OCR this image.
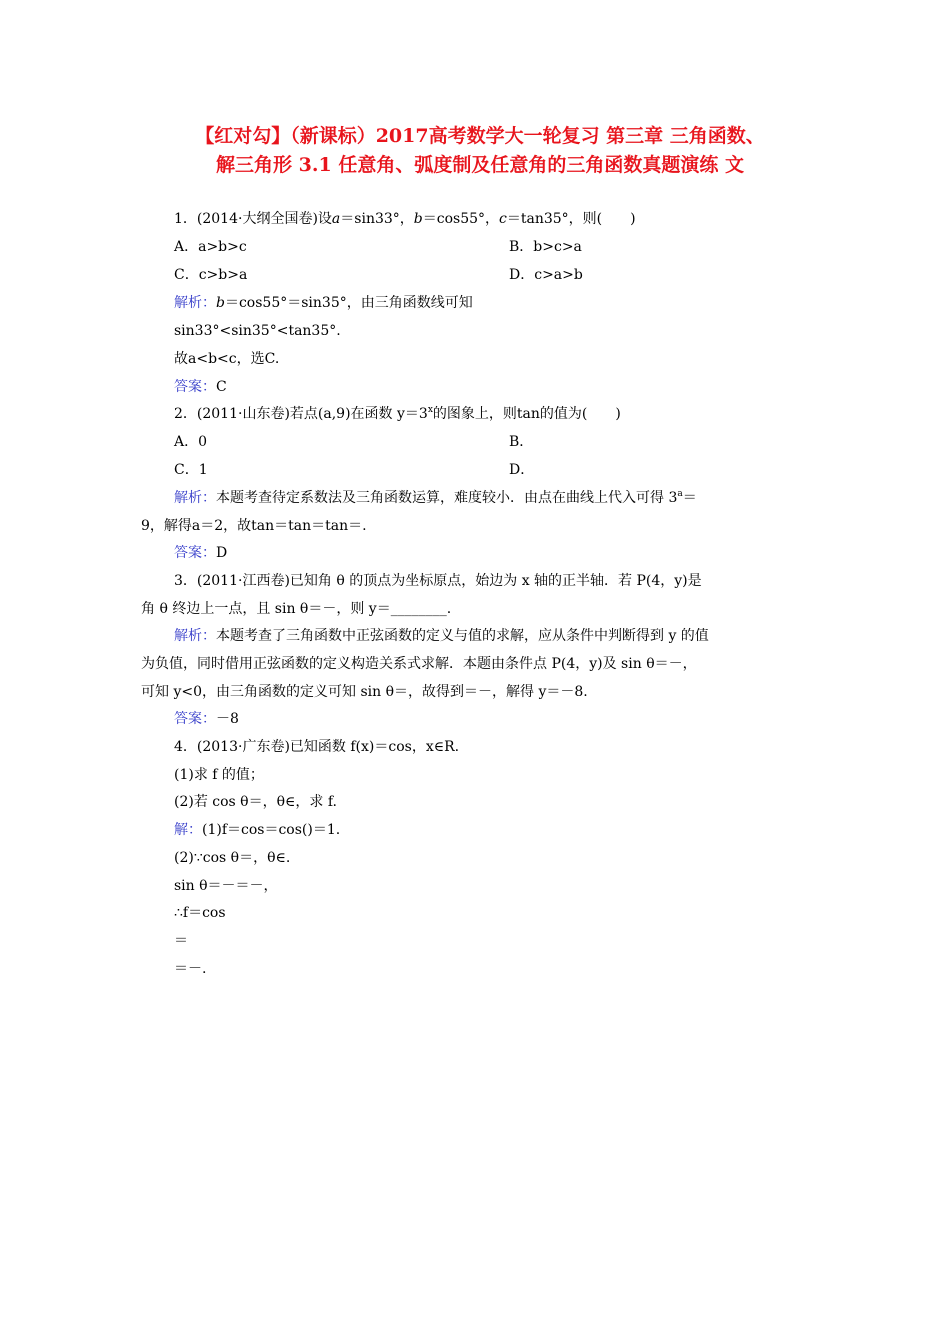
【红对勾】（新课标）2017高考数学大一轮复习 第三章 三角函数、
解三角形 3.1 任意角、弧度制及任意角的三角函数真题演练 文
1．(2014·大纲全国卷)设a＝sin33°，b＝cos55°，c＝tan35°，则(　　)
A．a>b>c	B．b>c>a
C．c>b>a	D．c>a>b
解析：b＝cos55°＝sin35°，由三角函数线可知
sin33°<sin35°<tan35°.
故a<b<c，选C.
答案：C
2．(2011·山东卷)若点(a,9)在函数 $y=3^x$的图象上，则tan的值为(　　)
A．0	B．
C．1	D．
解析：本题考查待定系数法及三角函数运算，难度较小．由点在曲线上代入可得 $3^a=$
9，解得a＝2，故tan＝tan＝tan＝.
答案：D
3．(2011·江西卷)已知角 θ 的顶点为坐标原点，始边为 x 轴的正半轴．若 P(4，y)是
角 θ 终边上一点，且 sin θ＝－，则 y＝________.
解析：本题考查了三角函数中正弦函数的定义与值的求解，应从条件中判断得到 y 的值
为负值，同时借用正弦函数的定义构造关系式求解．本题由条件点 P(4，y)及 sin θ＝－，
可知 y<0，由三角函数的定义可知 sin θ＝，故得到＝－，解得 y＝－8.
答案：－8
4．(2013·广东卷)已知函数 f(x)＝cos，x∈R.
(1)求 f 的值；
(2)若 cos θ＝，θ∈，求 f.
解：(1)f＝cos＝cos()＝1.
(2)∵cos θ＝，θ∈.
sin θ＝－＝－，
∴f＝cos
＝
＝－.
